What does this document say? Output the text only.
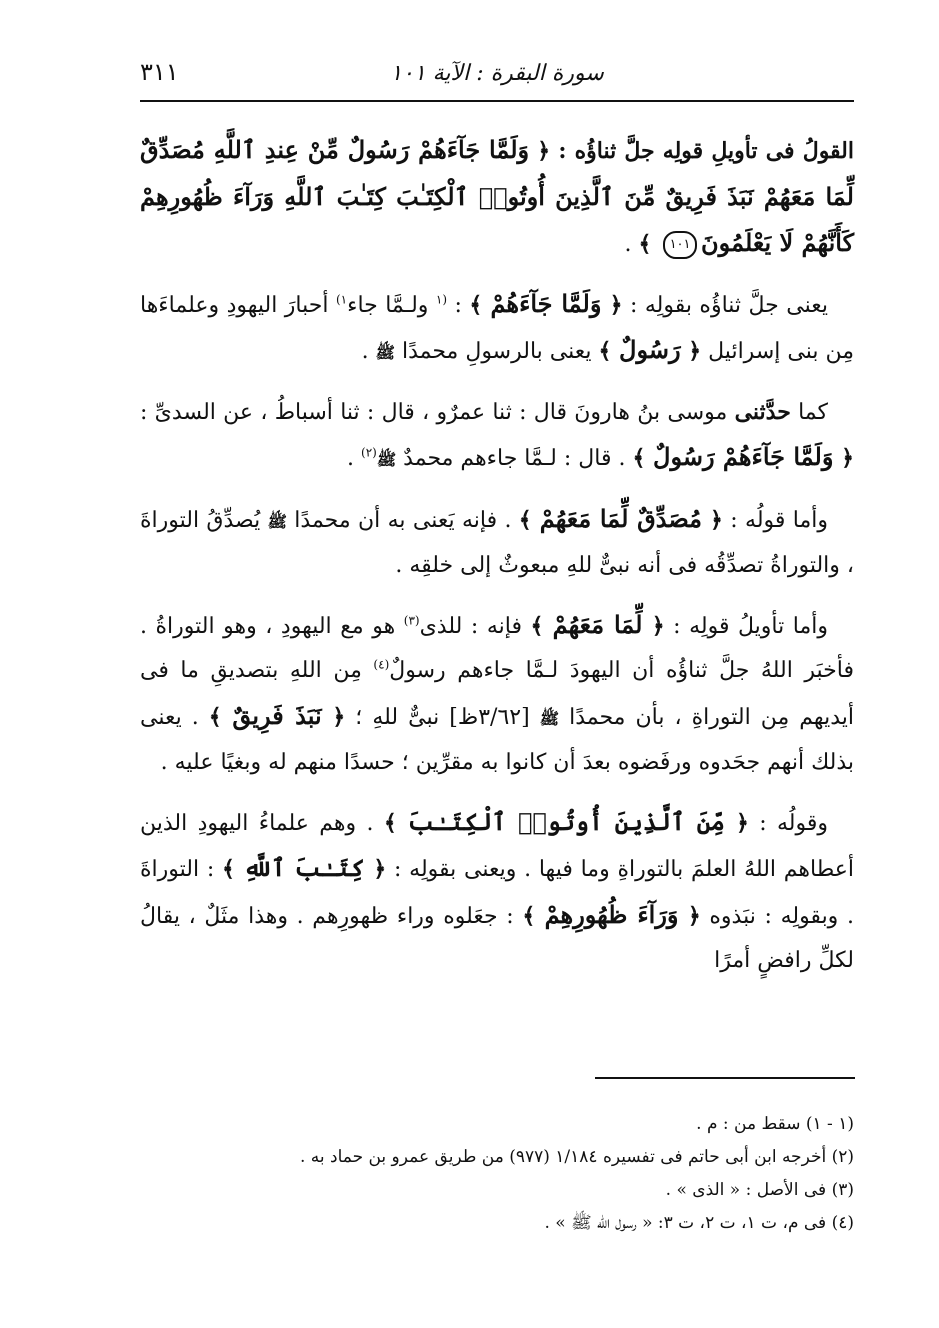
سورة البقرة : الآية ١٠١
٣١١

القولُ فى تأويلِ قولِه جلَّ ثناؤُه : ﴿ وَلَمَّا جَآءَهُمْ رَسُولٌ مِّنْ عِندِ ٱللَّهِ مُصَدِّقٌ لِّمَا مَعَهُمْ نَبَذَ فَرِيقٌ مِّنَ ٱلَّذِينَ أُوتُوا۟ ٱلْكِتَـٰبَ كِتَـٰبَ ٱللَّهِ وَرَآءَ ظُهُورِهِمْ كَأَنَّهُمْ لَا يَعْلَمُونَ١٠١ ﴾ .

يعنى جلَّ ثناؤُه بقولِه : ﴿ وَلَمَّا جَآءَهُمْ ﴾ : $^{(١}$ ولـمَّا جاء$^{١)}$ أحبارَ اليهودِ وعلماءَها مِن بنى إسرائيل ﴿ رَسُولٌ ﴾ يعنى بالرسولِ محمدًا ﷺ .

كما حدَّثنى موسى بنُ هارونَ قال : ثنا عمرٌو ، قال : ثنا أسباطُ ، عن السدىِّ : ﴿ وَلَمَّا جَآءَهُمْ رَسُولٌ ﴾ . قال : لـمَّا جاءهم محمدٌ ﷺ$^{(٢)}$ .

وأما قولُه : ﴿ مُصَدِّقٌ لِّمَا مَعَهُمْ ﴾ . فإنه يَعنى به أن محمدًا ﷺ يُصدِّقُ التوراةَ ، والتوراةُ تصدِّقُه فى أنه نبىٌّ للهِ مبعوثٌ إلى خلقِه .

وأما تأويلُ قولِه : ﴿ لِّمَا مَعَهُمْ ﴾ فإنه : للذى$^{(٣)}$ هو مع اليهودِ ، وهو التوراةُ . فأخبَر اللهُ جلَّ ثناؤُه أن اليهودَ لـمَّا جاءهم رسولٌ$^{(٤)}$ مِن اللهِ بتصديقِ ما فى أيديهم مِن التوراةِ ، بأن محمدًا ﷺ [٣/٦٢ظ] نبىٌّ للهِ ؛ ﴿ نَبَذَ فَرِيقٌ ﴾ . يعنى بذلك أنهم جحَدوه ورفَضوه بعدَ أن كانوا به مقرِّين ؛ حسدًا منهم له وبغيًا عليه .

وقولُه : ﴿ مِّنَ ٱلَّذِينَ أُوتُوا۟ ٱلْكِتَـٰبَ ﴾ . وهم علماءُ اليهودِ الذين أعطاهم اللهُ العلمَ بالتوراةِ وما فيها . ويعنى بقولِه : ﴿ كِتَـٰبَ ٱللَّهِ ﴾ : التوراةَ . وبقولِه : نبَذوه ﴿ وَرَآءَ ظُهُورِهِمْ ﴾ : جعَلوه وراء ظهورِهم . وهذا مثَلٌ ، يقالُ لكلِّ رافضٍ أمرًا

(١ - ١) سقط من : م .

(٢) أخرجه ابن أبى حاتم فى تفسيره ١/١٨٤ (٩٧٧) من طريق عمرو بن حماد به .

(٣) فى الأصل : « الذى » .

(٤) فى م، ت ١، ت ٢، ت ٣: « رسول الله ﷺ » .
